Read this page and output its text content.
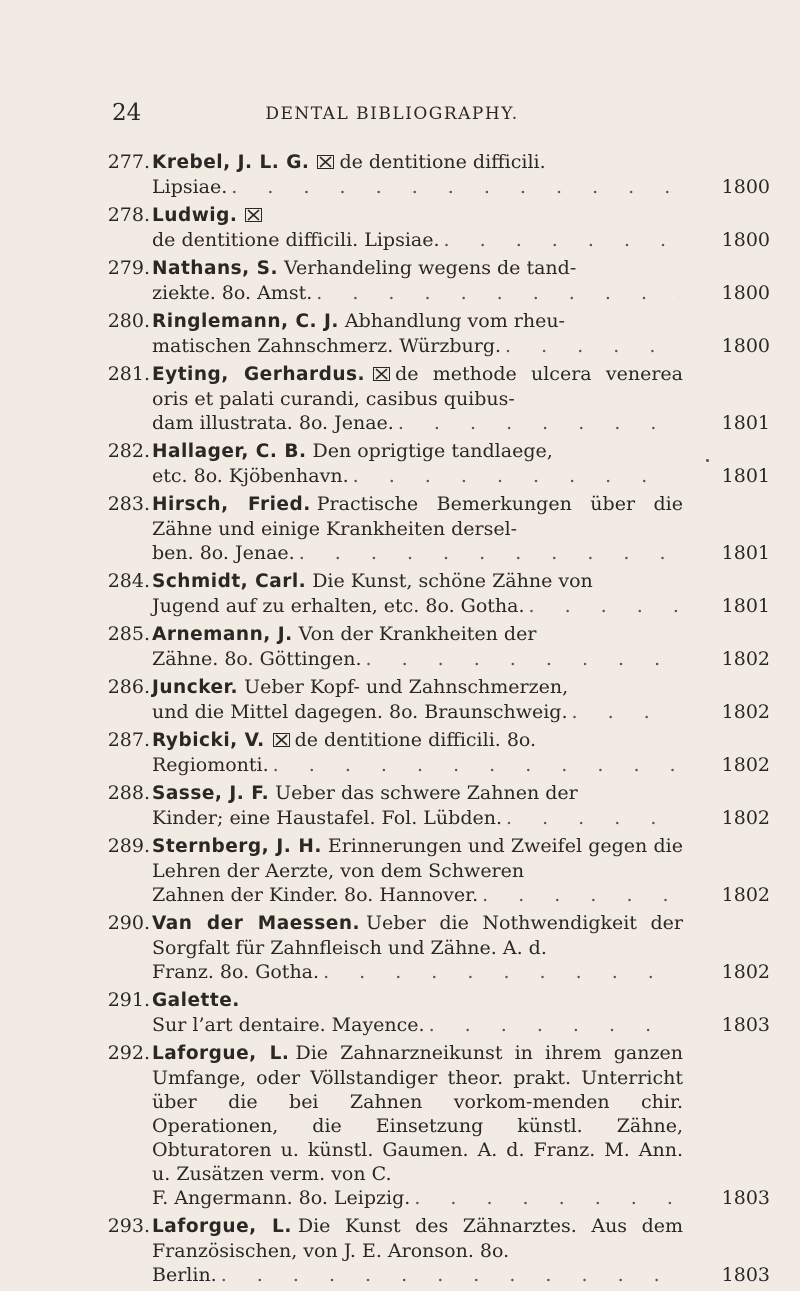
24	DENTAL BIBLIOGRAPHY.
277. Krebel, J. L. G. de dentitione difficili.
Lipsiae. . . .	1800
278. Ludwig.
de dentitione difficili. Lipsiae. . . .	1800
279. Nathans, S. Verhandeling wegens de tand-
ziekte. 8o. Amst. . . .	1800
280. Ringlemann, C. J. Abhandlung vom rheu-
matischen Zahnschmerz. Würzburg. . . .	1800
281. Eyting, Gerhardus. de methode ulcera venerea oris et palati curandi, casibus quibus-
dam illustrata. 8o. Jenae. . . .	1801
282. Hallager, C. B. Den oprigtige tandlaege,
etc. 8o. Kjöbenhavn. . . .	1801
283. Hirsch, Fried. Practische Bemerkungen über die Zähne und einige Krankheiten dersel-
ben. 8o. Jenae. . . .	1801
284. Schmidt, Carl. Die Kunst, schöne Zähne von
Jugend auf zu erhalten, etc. 8o. Gotha. . . .	1801
285. Arnemann, J. Von der Krankheiten der
Zähne. 8o. Göttingen. . . .	1802
286. Juncker. Ueber Kopf- und Zahnschmerzen,
und die Mittel dagegen. 8o. Braunschweig. . . .	1802
287. Rybicki, V. de dentitione difficili. 8o.
Regiomonti. . . .	1802
288. Sasse, J. F. Ueber das schwere Zahnen der
Kinder; eine Haustafel. Fol. Lübden. . . .	1802
289. Sternberg, J. H. Erinnerungen und Zweifel gegen die Lehren der Aerzte, von dem Schweren
Zahnen der Kinder. 8o. Hannover. . . .	1802
290. Van der Maessen. Ueber die Nothwendigkeit der Sorgfalt für Zahnfleisch und Zähne. A. d.
Franz. 8o. Gotha. . . .	1802
291. Galette.
Sur l’art dentaire. Mayence. . . .	1803
292. Laforgue, L. Die Zahnarzneikunst in ihrem ganzen Umfange, oder Völlstandiger theor. prakt. Unterricht über die bei Zahnen vorkom-menden chir. Operationen, die Einsetzung künstl. Zähne, Obturatoren u. künstl. Gaumen. A. d. Franz. M. Ann. u. Zusätzen verm. von C.
F. Angermann. 8o. Leipzig. . . .	1803
293. Laforgue, L. Die Kunst des Zähnarztes. Aus dem Französischen, von J. E. Aronson. 8o.
Berlin. . . .	1803
